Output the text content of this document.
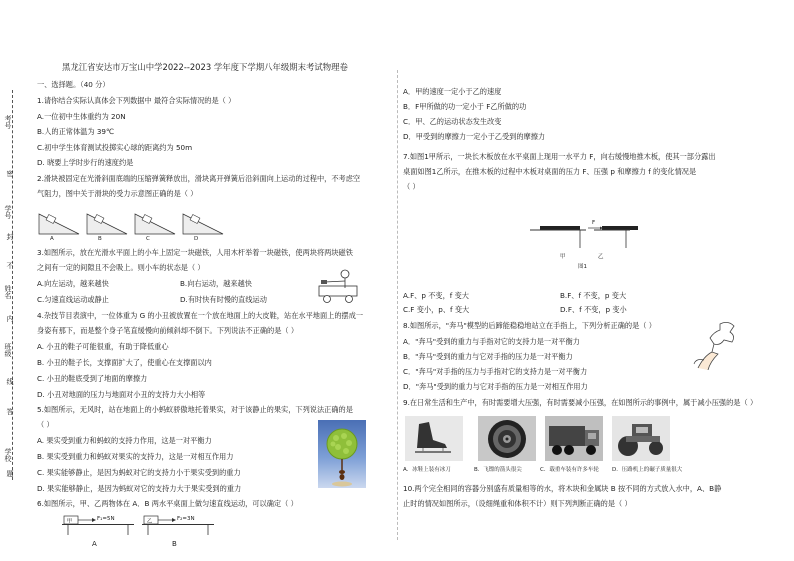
考号
密
学号
封
不
姓名
内
班级
线
答
学校
题
黑龙江省安达市万宝山中学2022--2023 学年度下学期八年级期末考试物理卷
一、选择题。（40 分）
1.请你结合实际认真体会下列数据中 最符合实际情况的是（ ）
A.一位初中生体重约为 20N
B.人的正常体温为 39℃
C.初中学生体育测试投掷实心球的距离约为 50m
D. 晓要上学时步行的速度约是
2.滑块被固定在光滑斜面底端的压缩弹簧释放出，滑块离开弹簧后沿斜面向上运动的过程中，不考虑空
气阻力，图中关于滑块的受力示意图正确的是（ ）
A	B	C	D
3.如图所示，放在光滑水平面上的小车上固定一块磁铁，人用木杆举着一块磁铁，使两块将两块磁铁
之间有一定的间隙且不会吸上。则小车的状态是（ ）
A.向左运动，越来越快	B.向右运动，越来越快
C.匀速直线运动或静止	D.有时快有时慢的直线运动
4.杂技节目表演中，一位体重为 G 的小丑被放置在一个放在地面上的大皮鞋，站在水平地面上的摆成一
身姿有那下，而是整个身子笔直缓慢向前倾斜却不倒下。下列说法不正确的是（ ）
A. 小丑的鞋子可能很重，有助于降低重心
B. 小丑的鞋子长，支撑面扩大了，使重心在支撑面以内
C. 小丑的鞋底受到了地面的摩擦力
D. 小丑对地面的压力与地面对小丑的支持力大小相等
5.如图所示，无风时，站在地面上的小蚂蚁骄傲地托着果实，对于该静止的果实，下列说法正确的是
（ ）
A. 果实受到重力和蚂蚁的支持力作用，这是一对平衡力
B. 果实受到重力和蚂蚁对果实的支持力，这是一对相互作用力
C. 果实能够静止，是因为蚂蚁对它的支持力小于果实受到的重力
D. 果实能够静止，是因为蚂蚁对它的支持力大于果实受到的重力
6.如图所示，甲、乙两物体在 A．B 两水平桌面上做匀速直线运动，可以确定（ ）
甲	F₁=5N	乙	F₂=3N
A	B
A．甲的速度一定小于乙的速度
B．F甲所做的功一定小于 F乙所做的功
C．甲、乙的运动状态发生改变
D．甲受到的摩擦力一定小于乙受到的摩擦力
7.如图1甲所示，一块长木板放在水平桌面上现用一水平力 F，向右缓慢地推木板，使其一部分露出
桌面如图1乙所示，在推木板的过程中木板对桌面的压力 F、压强 p 和摩擦力 f 的变化情况是
（ ）
F
甲	乙
图1
A.F、p 不变，f 变大	B.F、f 不变，p 变大
C.F 变小，p、f 变大	D.F、f 不变，p 变小
8.如图所示，"奔马"模型的后蹄能稳稳地站立在手指上，下列分析正确的是（ ）
A．"奔马"受到的重力与手指对它的支持力是一对平衡力
B．"奔马"受到的重力与它对手指的压力是一对平衡力
C．"奔马"对手指的压力与手指对它的支持力是一对平衡力
D．"奔马"受到的重力与它对手指的压力是一对相互作用力
9.在日常生活和生产中，有时需要增大压强，有时需要减小压强，在如图所示的事例中，属于减小压强的是（ ）
A．冰鞋上装有冰刀	B．飞镖的箭头很尖	C．载重车装有许多车轮 D．压路机上的碾子质量很大
10.两个完全相同的容器分别盛有质量相等的水，将木块和金属块 B 按不同的方式放入水中，A、B静
止时的情况如图所示，（设细绳重和体积不计）则下列判断正确的是（ ）
